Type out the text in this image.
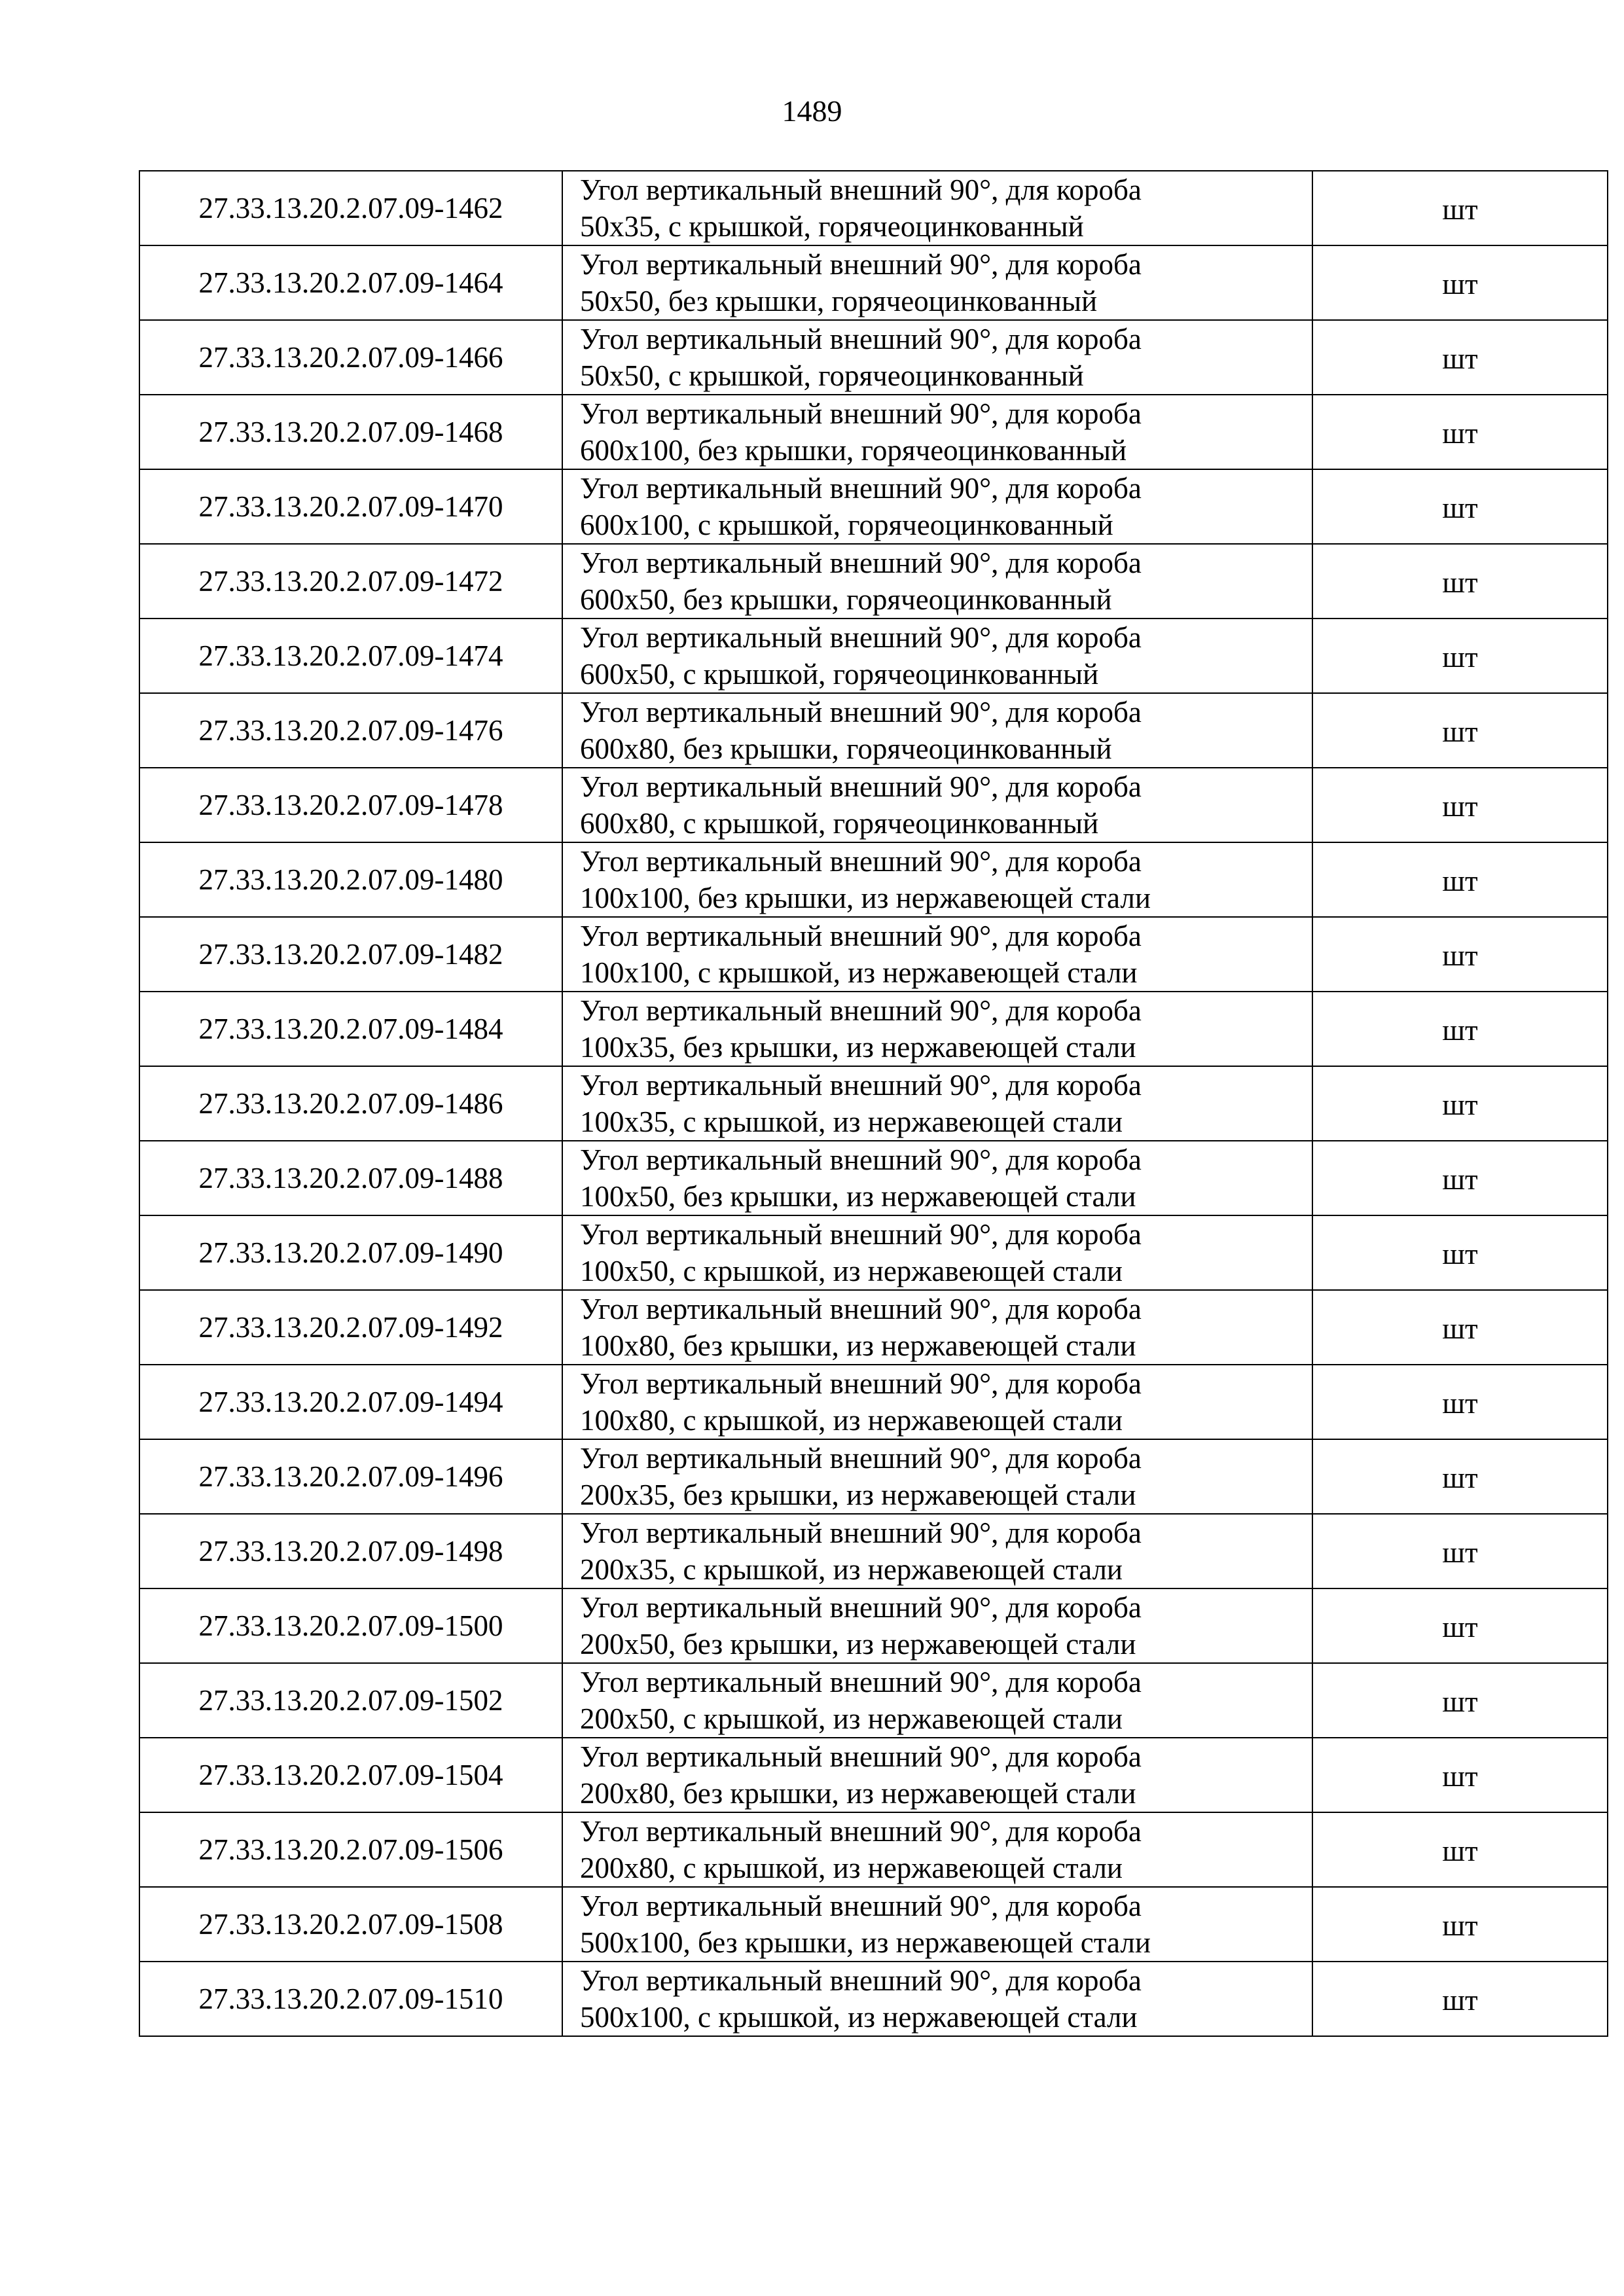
1489
27.33.13.20.2.07.09-1462	Угол вертикальный внешний 90°, для короба
50х35, с крышкой, горячеоцинкованный	шт
27.33.13.20.2.07.09-1464	Угол вертикальный внешний 90°, для короба
50х50, без крышки, горячеоцинкованный	шт
27.33.13.20.2.07.09-1466	Угол вертикальный внешний 90°, для короба
50х50, с крышкой, горячеоцинкованный	шт
27.33.13.20.2.07.09-1468	Угол вертикальный внешний 90°, для короба
600х100, без крышки, горячеоцинкованный	шт
27.33.13.20.2.07.09-1470	Угол вертикальный внешний 90°, для короба
600х100, с крышкой, горячеоцинкованный	шт
27.33.13.20.2.07.09-1472	Угол вертикальный внешний 90°, для короба
600х50, без крышки, горячеоцинкованный	шт
27.33.13.20.2.07.09-1474	Угол вертикальный внешний 90°, для короба
600х50, с крышкой, горячеоцинкованный	шт
27.33.13.20.2.07.09-1476	Угол вертикальный внешний 90°, для короба
600х80, без крышки, горячеоцинкованный	шт
27.33.13.20.2.07.09-1478	Угол вертикальный внешний 90°, для короба
600х80, с крышкой, горячеоцинкованный	шт
27.33.13.20.2.07.09-1480	Угол вертикальный внешний 90°, для короба
100х100, без крышки, из нержавеющей стали	шт
27.33.13.20.2.07.09-1482	Угол вертикальный внешний 90°, для короба
100х100, с крышкой, из нержавеющей стали	шт
27.33.13.20.2.07.09-1484	Угол вертикальный внешний 90°, для короба
100х35, без крышки, из нержавеющей стали	шт
27.33.13.20.2.07.09-1486	Угол вертикальный внешний 90°, для короба
100х35, с крышкой, из нержавеющей стали	шт
27.33.13.20.2.07.09-1488	Угол вертикальный внешний 90°, для короба
100х50, без крышки, из нержавеющей стали	шт
27.33.13.20.2.07.09-1490	Угол вертикальный внешний 90°, для короба
100х50, с крышкой, из нержавеющей стали	шт
27.33.13.20.2.07.09-1492	Угол вертикальный внешний 90°, для короба
100х80, без крышки, из нержавеющей стали	шт
27.33.13.20.2.07.09-1494	Угол вертикальный внешний 90°, для короба
100х80, с крышкой, из нержавеющей стали	шт
27.33.13.20.2.07.09-1496	Угол вертикальный внешний 90°, для короба
200х35, без крышки, из нержавеющей стали	шт
27.33.13.20.2.07.09-1498	Угол вертикальный внешний 90°, для короба
200х35, с крышкой, из нержавеющей стали	шт
27.33.13.20.2.07.09-1500	Угол вертикальный внешний 90°, для короба
200х50, без крышки, из нержавеющей стали	шт
27.33.13.20.2.07.09-1502	Угол вертикальный внешний 90°, для короба
200х50, с крышкой, из нержавеющей стали	шт
27.33.13.20.2.07.09-1504	Угол вертикальный внешний 90°, для короба
200х80, без крышки, из нержавеющей стали	шт
27.33.13.20.2.07.09-1506	Угол вертикальный внешний 90°, для короба
200х80, с крышкой, из нержавеющей стали	шт
27.33.13.20.2.07.09-1508	Угол вертикальный внешний 90°, для короба
500х100, без крышки, из нержавеющей стали	шт
27.33.13.20.2.07.09-1510	Угол вертикальный внешний 90°, для короба
500х100, с крышкой, из нержавеющей стали	шт
